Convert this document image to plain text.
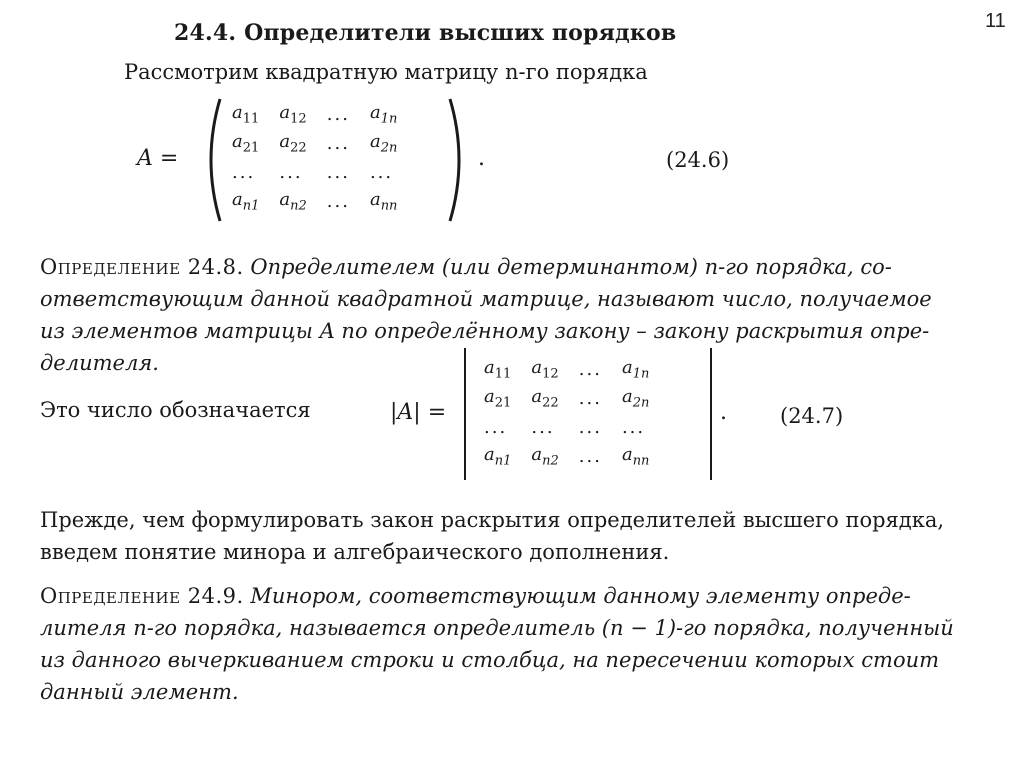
11
24.4. Определители высших порядков
Рассмотрим квадратную матрицу n-го порядка
A =
$a_{11}$	$a_{12}$	...	$a_{1n}$
$a_{21}$	$a_{22}$	...	$a_{2n}$
...	...	...	...
$a_{n1}$	$a_{n2}$	...	$a_{nn}$
.	(24.6)
Определение 24.8. Определителем (или детерминантом) n-го порядка, со-
ответствующим данной квадратной матрице, называют число, получаемое
из элементов матрицы A по определённому закону – закону раскрытия опре-
делителя.
Это число обозначается	|A| =
$a_{11}$	$a_{12}$	...	$a_{1n}$
$a_{21}$	$a_{22}$	...	$a_{2n}$
...	...	...	...
$a_{n1}$	$a_{n2}$	...	$a_{nn}$
.	(24.7)
Прежде, чем формулировать закон раскрытия определителей высшего порядка,
введем понятие минора и алгебраического дополнения.
Определение 24.9. Минором, соответствующим данному элементу опреде-
лителя n-го порядка, называется определитель (n − 1)-го порядка, полученный
из данного вычеркиванием строки и столбца, на пересечении которых стоит
данный элемент.
